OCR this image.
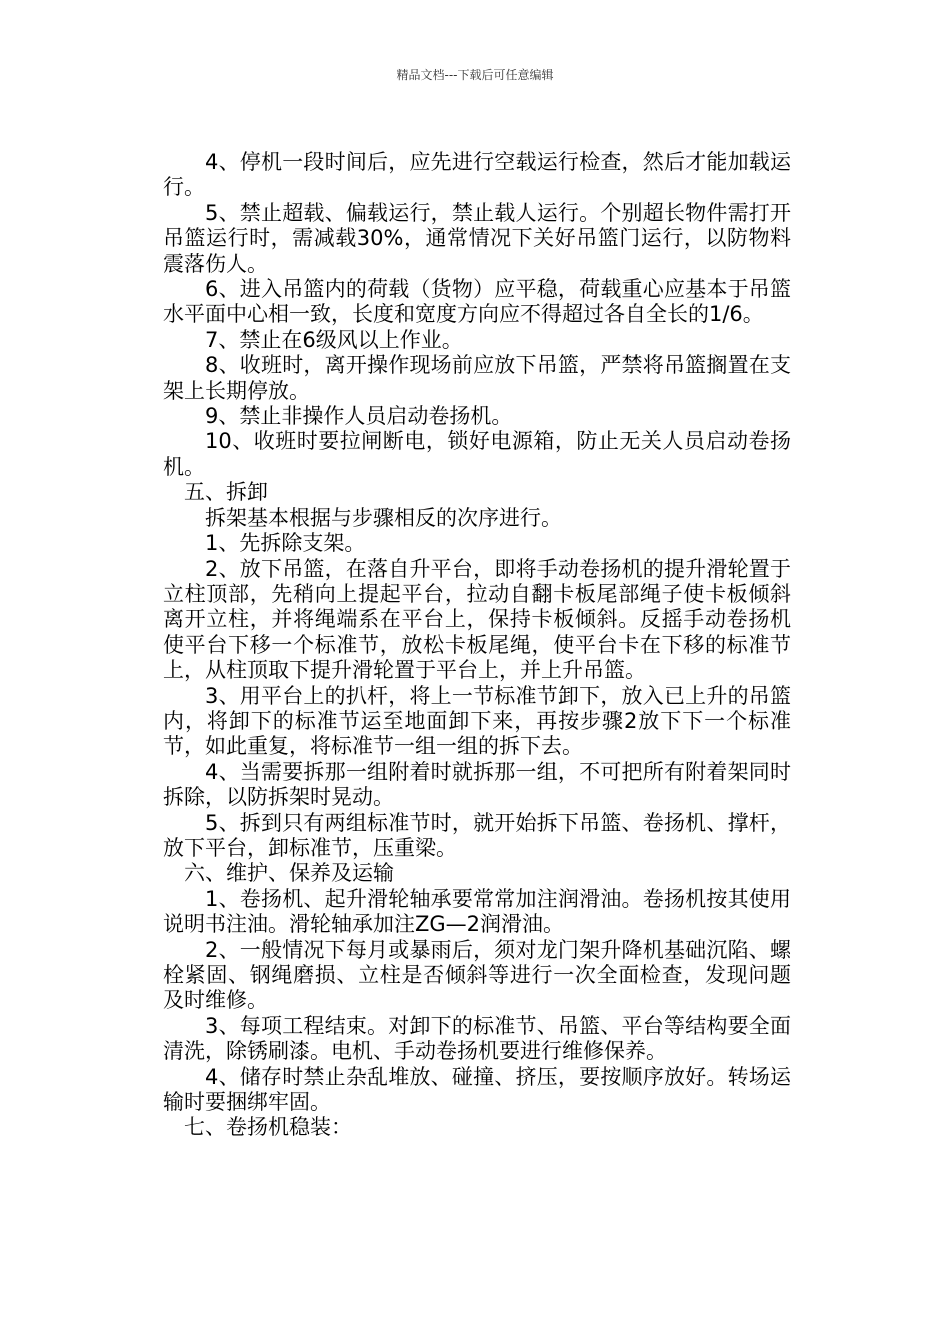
精品文档---下载后可任意编辑

4、停机一段时间后，应先进行空载运行检查，然后才能加载运行。

5、禁止超载、偏载运行，禁止载人运行。个别超长物件需打开吊篮运行时，需减载30%，通常情况下关好吊篮门运行，以防物料震落伤人。

6、进入吊篮内的荷载（货物）应平稳，荷载重心应基本于吊篮水平面中心相一致，长度和宽度方向应不得超过各自全长的1/6。

7、禁止在6级风以上作业。

8、收班时，离开操作现场前应放下吊篮，严禁将吊篮搁置在支架上长期停放。

9、禁止非操作人员启动卷扬机。

10、收班时要拉闸断电，锁好电源箱，防止无关人员启动卷扬机。

五、拆卸

拆架基本根据与步骤相反的次序进行。

1、先拆除支架。

2、放下吊篮，在落自升平台，即将手动卷扬机的提升滑轮置于立柱顶部，先稍向上提起平台，拉动自翻卡板尾部绳子使卡板倾斜离开立柱，并将绳端系在平台上，保持卡板倾斜。反摇手动卷扬机使平台下移一个标准节，放松卡板尾绳，使平台卡在下移的标准节上，从柱顶取下提升滑轮置于平台上，并上升吊篮。

3、用平台上的扒杆，将上一节标准节卸下，放入已上升的吊篮内，将卸下的标准节运至地面卸下来，再按步骤2放下下一个标准节，如此重复，将标准节一组一组的拆下去。

4、当需要拆那一组附着时就拆那一组，不可把所有附着架同时拆除，以防拆架时晃动。

5、拆到只有两组标准节时，就开始拆下吊篮、卷扬机、撑杆，放下平台，卸标准节，压重梁。

六、维护、保养及运输

1、卷扬机、起升滑轮轴承要常常加注润滑油。卷扬机按其使用说明书注油。滑轮轴承加注ZG—2润滑油。

2、一般情况下每月或暴雨后，须对龙门架升降机基础沉陷、螺栓紧固、钢绳磨损、立柱是否倾斜等进行一次全面检查，发现问题及时维修。

3、每项工程结束。对卸下的标准节、吊篮、平台等结构要全面清洗，除锈刷漆。电机、手动卷扬机要进行维修保养。

4、储存时禁止杂乱堆放、碰撞、挤压，要按顺序放好。转场运输时要捆绑牢固。

七、卷扬机稳装：
